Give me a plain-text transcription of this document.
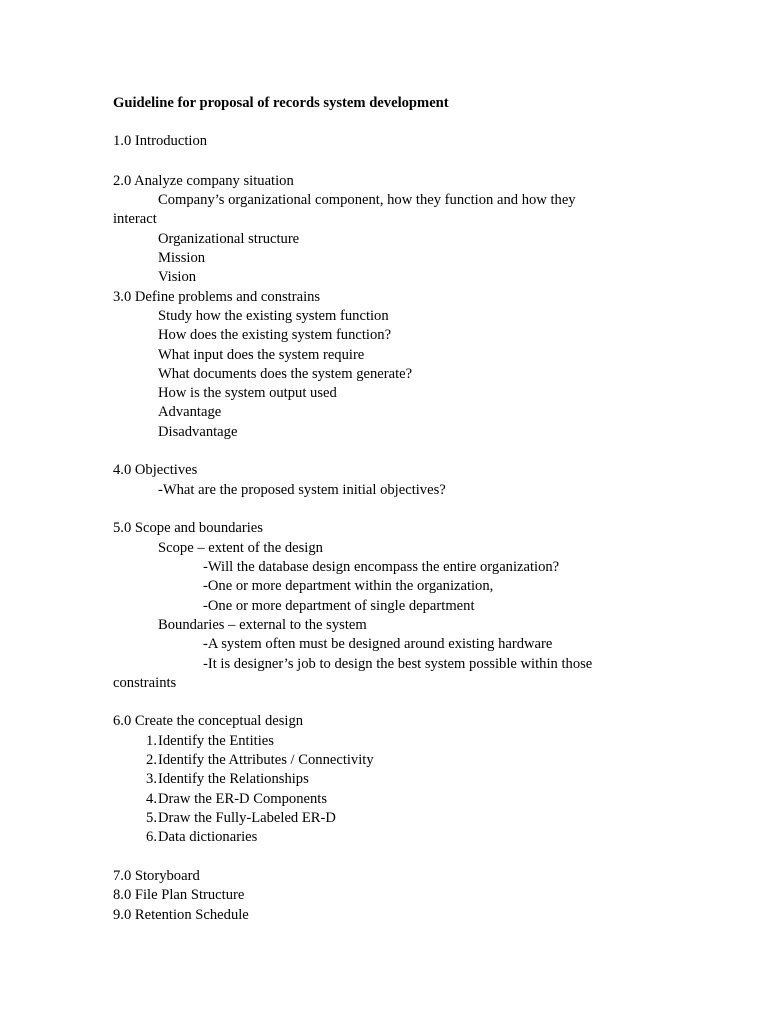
Guideline for proposal of records system development

1.0 Introduction

2.0 Analyze company situation

Company’s organizational component, how they function and how they

interact

Organizational structure

Mission

Vision

3.0 Define problems and constrains

Study how the existing system function

How does the existing system function?

What input does the system require

What documents does the system generate?

How is the system output used

Advantage

Disadvantage

4.0 Objectives

-What are the proposed system initial objectives?

5.0 Scope and boundaries

Scope – extent of the design

-Will the database design encompass the entire organization?

-One or more department within the organization,

-One or more department of single department

Boundaries – external to the system

-A system often must be designed around existing hardware

-It is designer’s job to design the best system possible within those

constraints

6.0 Create the conceptual design

1.Identify the Entities

2.Identify the Attributes / Connectivity

3.Identify the Relationships

4.Draw the ER-D Components

5.Draw the Fully-Labeled ER-D

6.Data dictionaries

7.0 Storyboard

8.0 File Plan Structure

9.0 Retention Schedule
